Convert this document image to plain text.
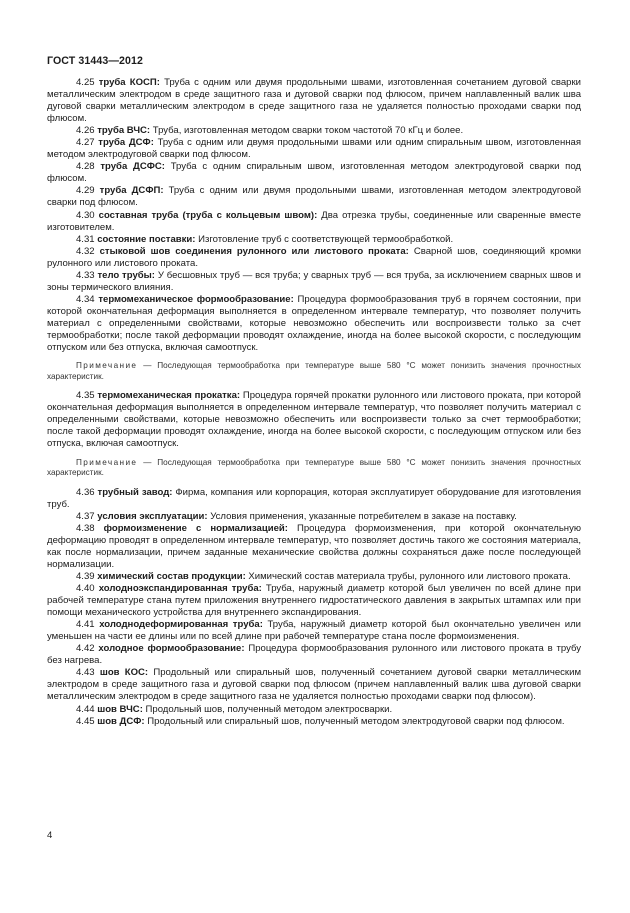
ГОСТ 31443—2012

4.25 труба КОСП: Труба с одним или двумя продольными швами, изготовленная сочетанием дуговой сварки металлическим электродом в среде защитного газа и дуговой сварки под флюсом, причем наплавленный валик шва дуговой сварки металлическим электродом в среде защитного газа не удаляется полностью проходами сварки под флюсом.

4.26 труба ВЧС: Труба, изготовленная методом сварки током частотой 70 кГц и более.

4.27 труба ДСФ: Труба с одним или двумя продольными швами или одним спиральным швом, изготовленная методом электродуговой сварки под флюсом.

4.28 труба ДСФС: Труба с одним спиральным швом, изготовленная методом электродуговой сварки под флюсом.

4.29 труба ДСФП: Труба с одним или двумя продольными швами, изготовленная методом электродуговой сварки под флюсом.

4.30 составная труба (труба с кольцевым швом): Два отрезка трубы, соединенные или сваренные вместе изготовителем.

4.31 состояние поставки: Изготовление труб с соответствующей термообработкой.

4.32 стыковой шов соединения рулонного или листового проката: Сварной шов, соединяющий кромки рулонного или листового проката.

4.33 тело трубы: У бесшовных труб — вся труба; у сварных труб — вся труба, за исключением сварных швов и зоны термического влияния.

4.34 термомеханическое формообразование: Процедура формообразования труб в горячем состоянии, при которой окончательная деформация выполняется в определенном интервале температур, что позволяет получить материал с определенными свойствами, которые невозможно обеспечить или воспроизвести только за счет термообработки; после такой деформации проводят охлаждение, иногда на более высокой скорости, с последующим отпуском или без отпуска, включая самоотпуск.

Примечание — Последующая термообработка при температуре выше 580 °С может понизить значения прочностных характеристик.

4.35 термомеханическая прокатка: Процедура горячей прокатки рулонного или листового проката, при которой окончательная деформация выполняется в определенном интервале температур, что позволяет получить материал с определенными свойствами, которые невозможно обеспечить или воспроизвести только за счет термообработки; после такой деформации проводят охлаждение, иногда на более высокой скорости, с последующим отпуском или без отпуска, включая самоотпуск.

Примечание — Последующая термообработка при температуре выше 580 °С может понизить значения прочностных характеристик.

4.36 трубный завод: Фирма, компания или корпорация, которая эксплуатирует оборудование для изготовления труб.

4.37 условия эксплуатации: Условия применения, указанные потребителем в заказе на поставку.

4.38 формоизменение с нормализацией: Процедура формоизменения, при которой окончательную деформацию проводят в определенном интервале температур, что позволяет достичь такого же состояния материала, как после нормализации, причем заданные механические свойства должны сохраняться даже после последующей нормализации.

4.39 химический состав продукции: Химический состав материала трубы, рулонного или листового проката.

4.40 холодноэкспандированная труба: Труба, наружный диаметр которой был увеличен по всей длине при рабочей температуре стана путем приложения внутреннего гидростатического давления в закрытых штампах или при помощи механического устройства для внутреннего экспандирования.

4.41 холоднодеформированная труба: Труба, наружный диаметр которой был окончательно увеличен или уменьшен на части ее длины или по всей длине при рабочей температуре стана после формоизменения.

4.42 холодное формообразование: Процедура формообразования рулонного или листового проката в трубу без нагрева.

4.43 шов КОС: Продольный или спиральный шов, полученный сочетанием дуговой сварки металлическим электродом в среде защитного газа и дуговой сварки под флюсом (причем наплавленный валик шва дуговой сварки металлическим электродом в среде защитного газа не удаляется полностью проходами сварки под флюсом).

4.44 шов ВЧС: Продольный шов, полученный методом электросварки.

4.45 шов ДСФ: Продольный или спиральный шов, полученный методом электродуговой сварки под флюсом.

4
